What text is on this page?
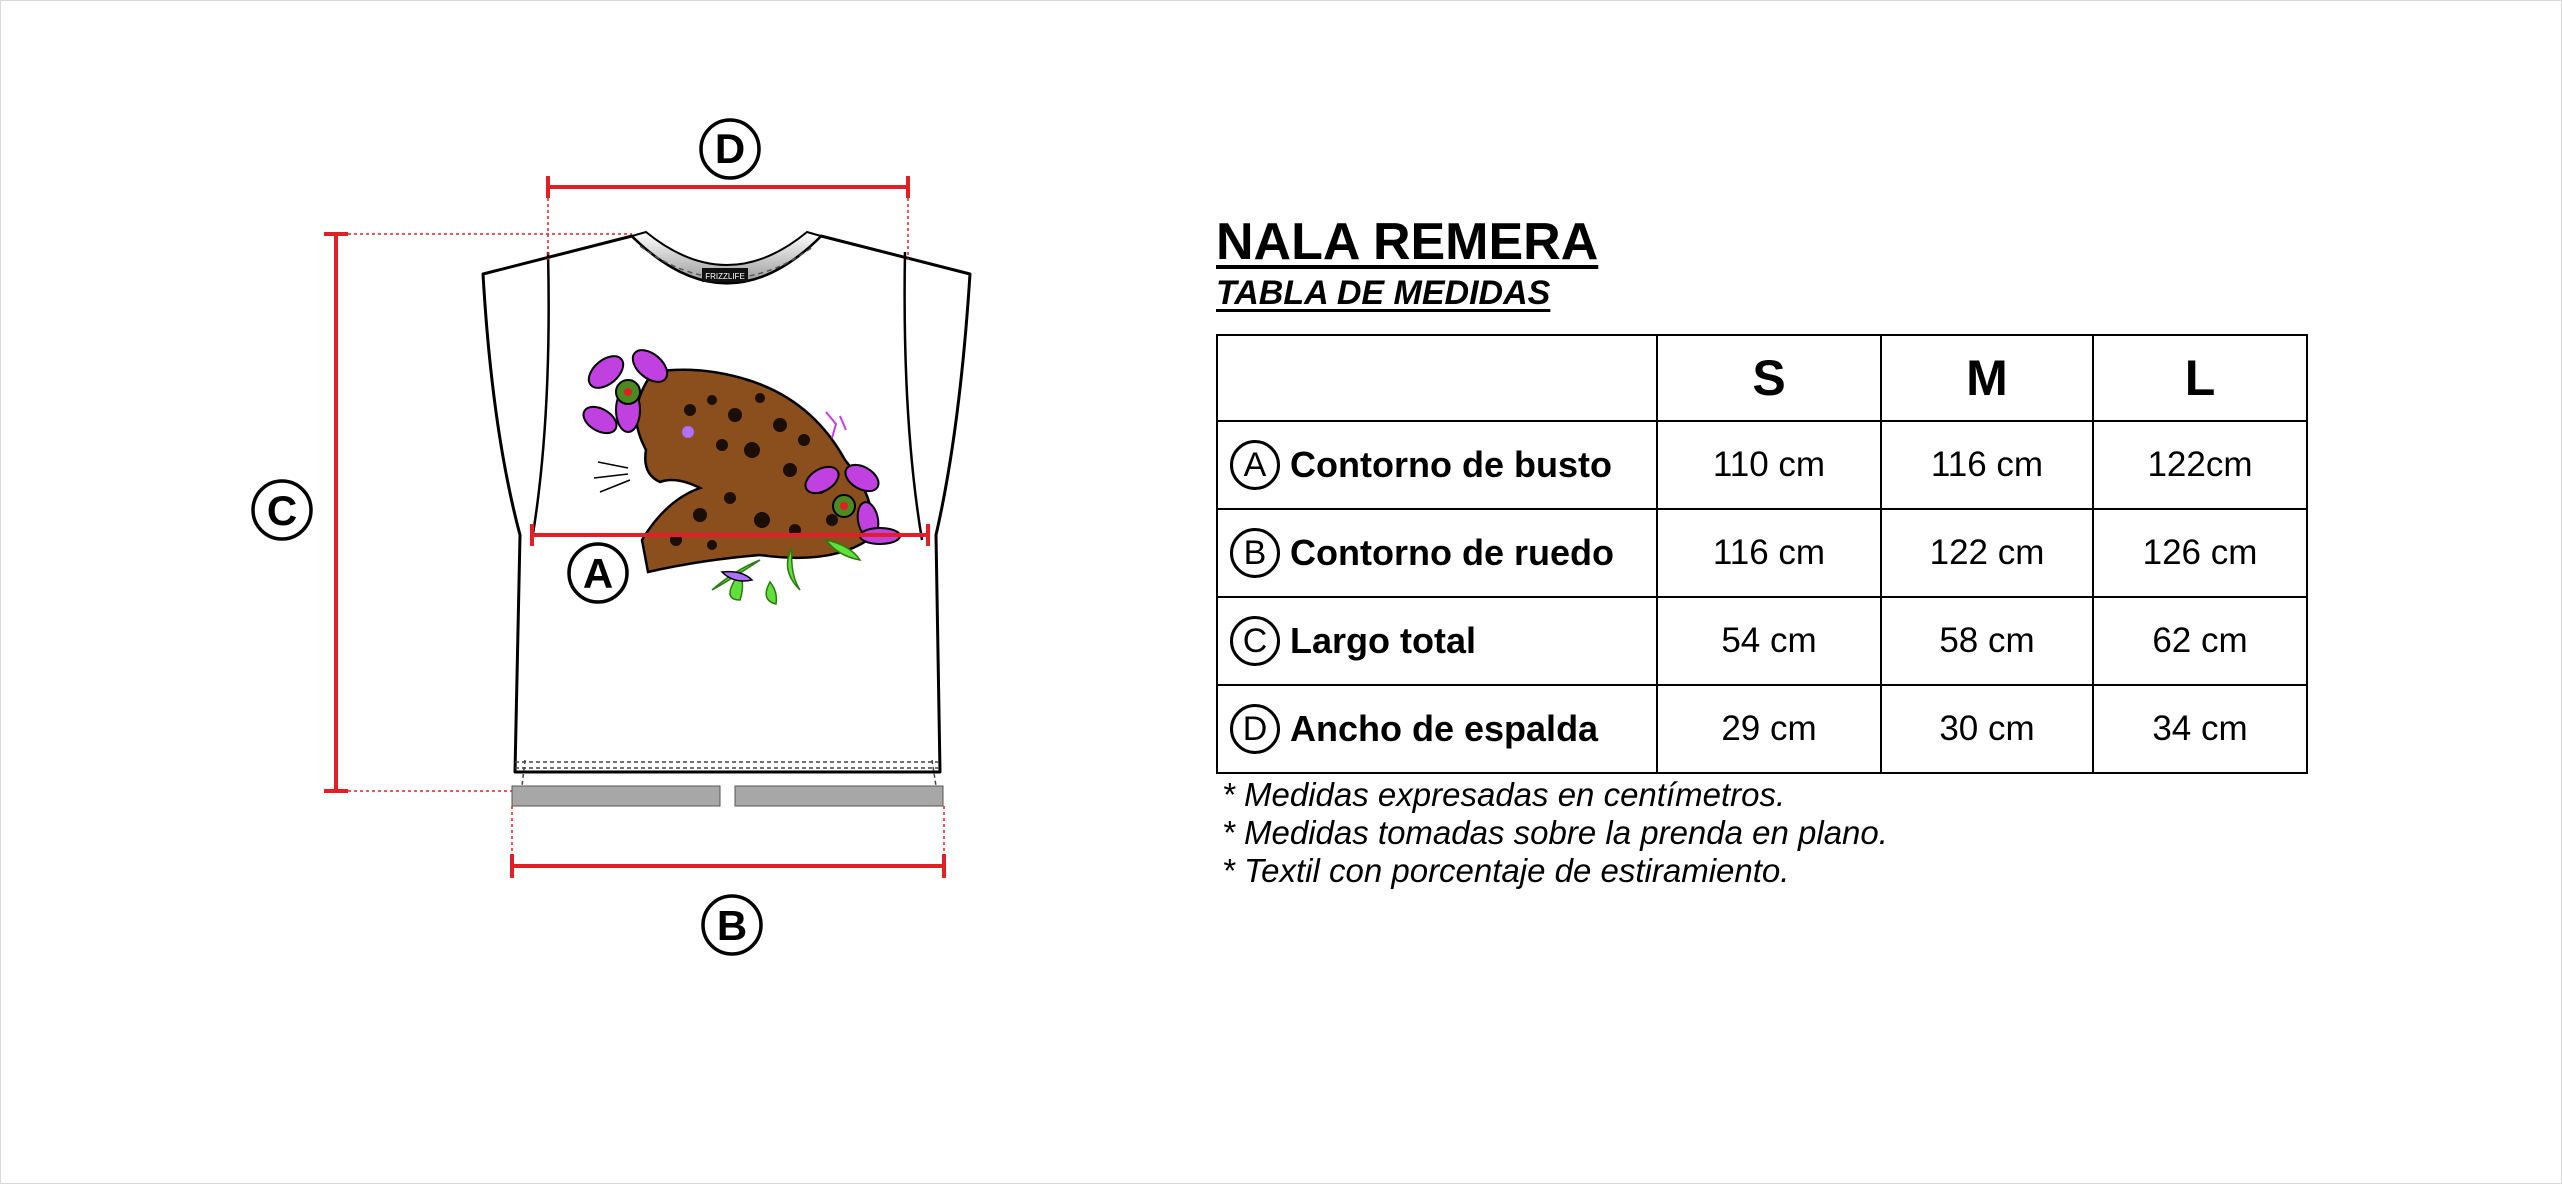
FRIZZLIFE
D
C
A
B
NALA REMERA
TABLA DE MEDIDAS
	S	M	L
A Contorno de busto	110 cm	116 cm	122cm
B Contorno de ruedo	116 cm	122 cm	126 cm
C Largo total	54 cm	58 cm	62 cm
D Ancho de espalda	29 cm	30 cm	34 cm
* Medidas expresadas en centímetros.
* Medidas tomadas sobre la prenda en plano.
* Textil con porcentaje de estiramiento.
